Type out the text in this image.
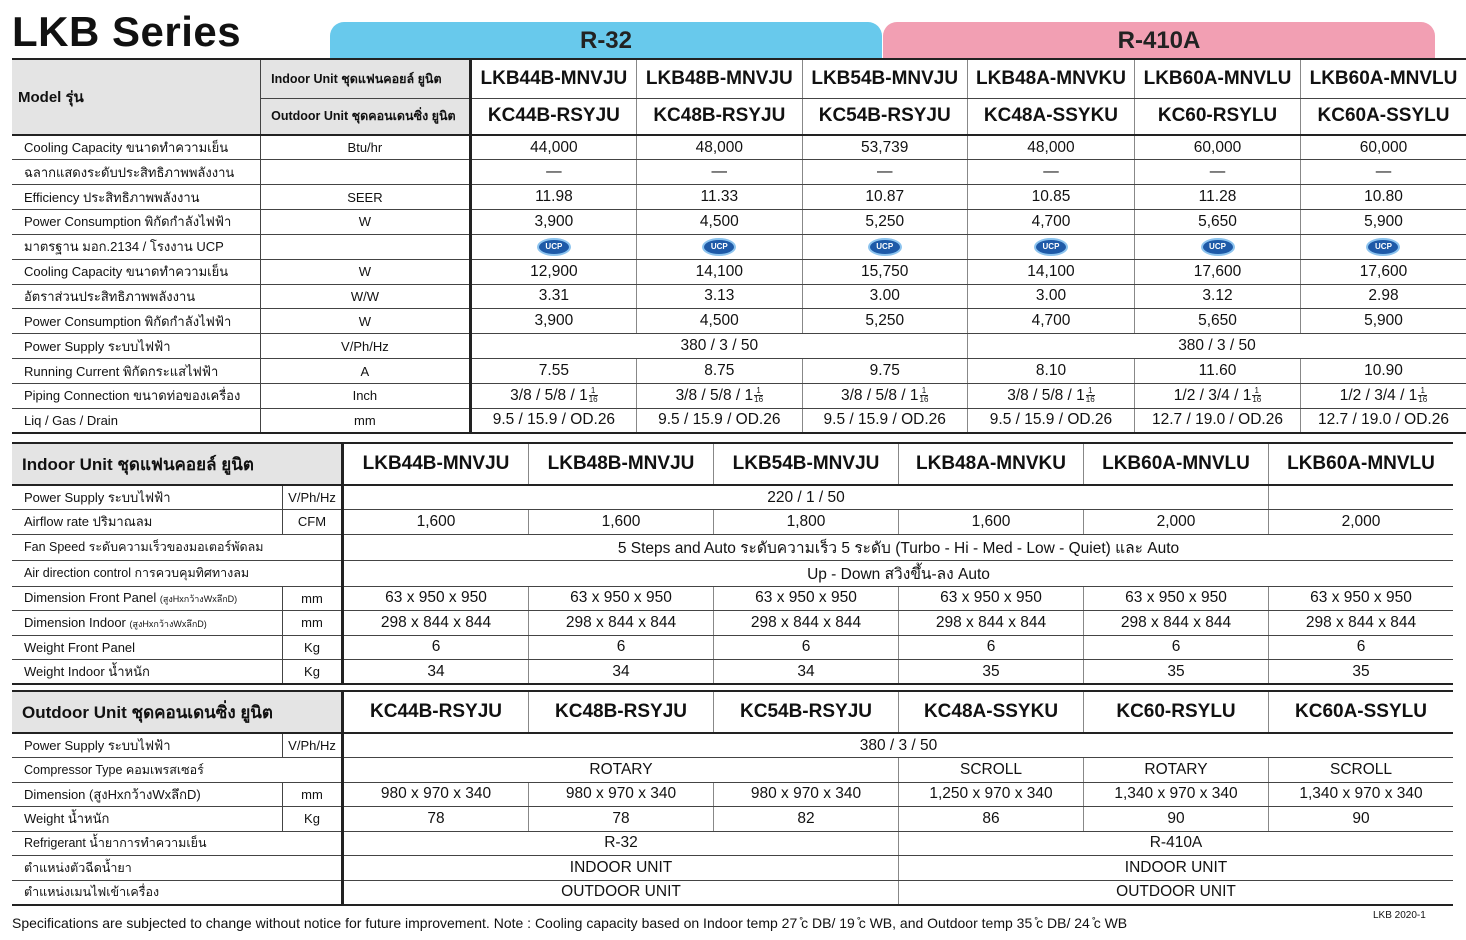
LKB Series	R-32	R-410A
Model รุ่น	Indoor Unit ชุดแฟนคอยล์ ยูนิต	LKB44B-MNVJU	LKB48B-MNVJU	LKB54B-MNVJU	LKB48A-MNVKU	LKB60A-MNVLU	LKB60A-MNVLU
	Outdoor Unit ชุดคอนเดนซิ่ง ยูนิต	KC44B-RSYJU	KC48B-RSYJU	KC54B-RSYJU	KC48A-SSYKU	KC60-RSYLU	KC60A-SSYLU
Cooling Capacity ขนาดทำความเย็น	Btu/hr	44,000	48,000	53,739	48,000	60,000	60,000
ฉลากแสดงระดับประสิทธิภาพพลังงาน		—	—	—	—	—	—
Efficiency ประสิทธิภาพพลังงาน	SEER	11.98	11.33	10.87	10.85	11.28	10.80
Power Consumption พิกัดกำลังไฟฟ้า	W	3,900	4,500	5,250	4,700	5,650	5,900
มาตรฐาน มอก.2134 / โรงงาน UCP		UCP	UCP	UCP	UCP	UCP	UCP
Cooling Capacity ขนาดทำความเย็น	W	12,900	14,100	15,750	14,100	17,600	17,600
อัตราส่วนประสิทธิภาพพลังงาน	W/W	3.31	3.13	3.00	3.00	3.12	2.98
Power Consumption พิกัดกำลังไฟฟ้า	W	3,900	4,500	5,250	4,700	5,650	5,900
Power Supply ระบบไฟฟ้า	V/Ph/Hz	380 / 3 / 50			380 / 3 / 50		
Running Current พิกัดกระแสไฟฟ้า	A	7.55	8.75	9.75	8.10	11.60	10.90
Piping Connection ขนาดท่อของเครื่อง	Inch	$3/8 / 5/8 / 1 \frac{1}{16}$	$3/8 / 5/8 / 1 \frac{1}{16}$	$3/8 / 5/8 / 1 \frac{1}{16}$	$3/8 / 5/8 / 1 \frac{1}{16}$	$1/2 / 3/4 / 1 \frac{1}{16}$	$1/2 / 3/4 / 1 \frac{1}{16}$

Liq / Gas / Drain	mm	9.5 / 15.9 / OD.26	9.5 / 15.9 / OD.26	9.5 / 15.9 / OD.26	9.5 / 15.9 / OD.26	12.7 / 19.0 / OD.26	12.7 / 19.0 / OD.26
Indoor Unit ชุดแฟนคอยล์ ยูนิต		LKB44B-MNVJU	LKB48B-MNVJU	LKB54B-MNVJU	LKB48A-MNVKU	LKB60A-MNVLU	LKB60A-MNVLU
Power Supply ระบบไฟฟ้า	V/Ph/Hz	220 / 1 / 50					
Airflow rate ปริมาณลม	CFM	1,600	1,600	1,800	1,600	2,000	2,000
Fan Speed ระดับความเร็วของมอเตอร์พัดลม		5 Steps and Auto ระดับความเร็ว 5 ระดับ (Turbo - Hi - Med - Low - Quiet) และ Auto					
Air direction control การควบคุมทิศทางลม		Up - Down สวิงขึ้น-ลง Auto					
Dimension Front Panel (สูงHxกว้างWxลึกD)	mm	63 x 950 x 950	63 x 950 x 950	63 x 950 x 950	63 x 950 x 950	63 x 950 x 950	63 x 950 x 950
Dimension Indoor (สูงHxกว้างWxลึกD)	mm	298 x 844 x 844	298 x 844 x 844	298 x 844 x 844	298 x 844 x 844	298 x 844 x 844	298 x 844 x 844
Weight Front Panel	Kg	6	6	6	6	6	6
Weight Indoor น้ำหนัก	Kg	34	34	34	35	35	35
Outdoor Unit ชุดคอนเดนซิ่ง ยูนิต		KC44B-RSYJU	KC48B-RSYJU	KC54B-RSYJU	KC48A-SSYKU	KC60-RSYLU	KC60A-SSYLU
Power Supply ระบบไฟฟ้า	V/Ph/Hz	380 / 3 / 50					
Compressor Type คอมเพรสเซอร์		ROTARY			SCROLL	ROTARY	SCROLL
Dimension (สูงHxกว้างWxลึกD)	mm	980 x 970 x 340	980 x 970 x 340	980 x 970 x 340	1,250 x 970 x 340	1,340 x 970 x 340	1,340 x 970 x 340
Weight น้ำหนัก	Kg	78	78	82	86	90	90
Refrigerant น้ำยาการทำความเย็น		R-32			R-410A		
ตำแหน่งตัวฉีดน้ำยา		INDOOR UNIT			INDOOR UNIT		
ตำแหน่งเมนไฟเข้าเครื่อง		OUTDOOR UNIT			OUTDOOR UNIT		
Specifications are subjected to change without notice for future improvement. Note : Cooling capacity based on Indoor temp 27 ̊c DB/ 19 ̊c WB, and Outdoor temp 35 ̊c DB/ 24 ̊c WB	LKB 2020-1
